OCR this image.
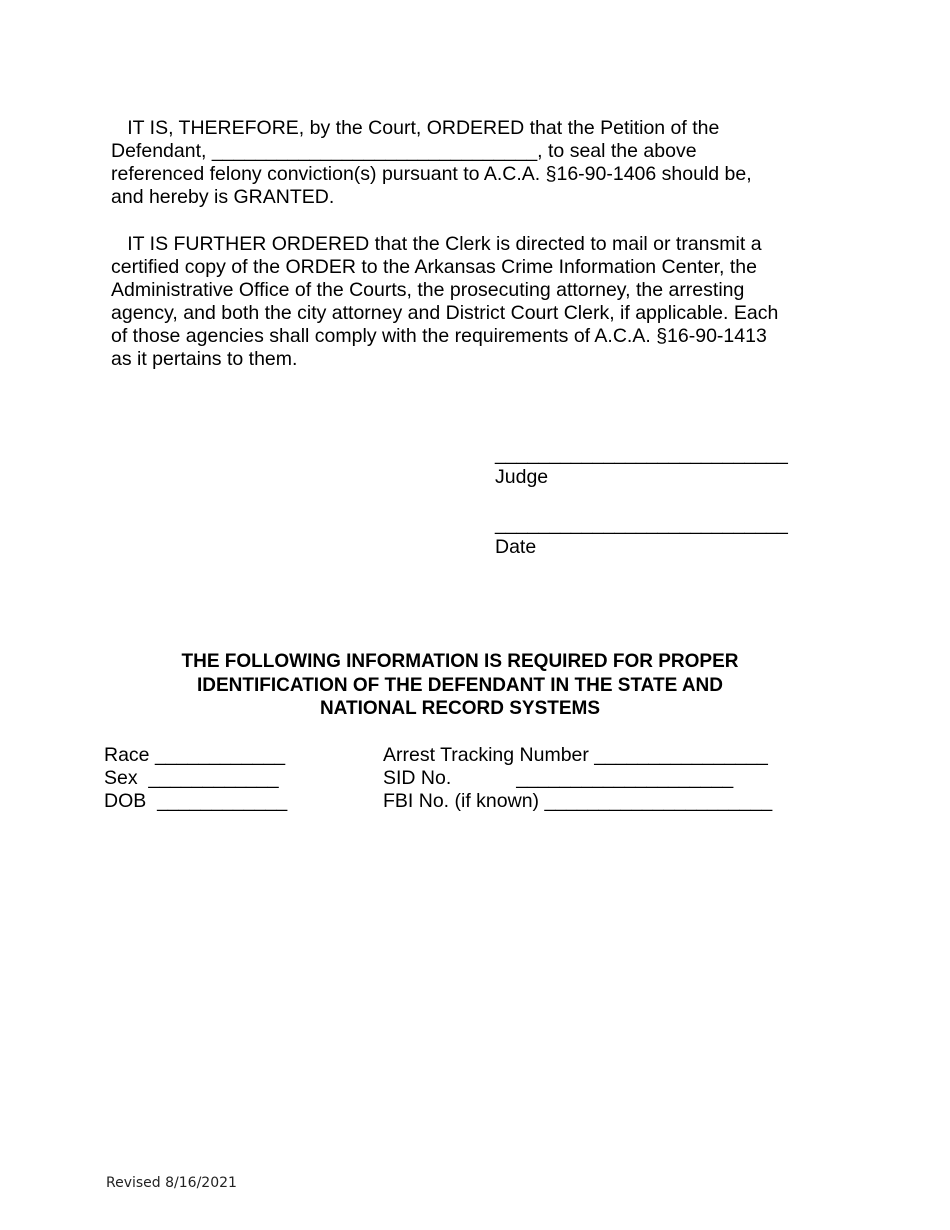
IT IS, THEREFORE, by the Court, ORDERED that the Petition of the
Defendant, ______________________________, to seal the above
referenced felony conviction(s) pursuant to A.C.A. §16-90-1406 should be,
and hereby is GRANTED.
IT IS FURTHER ORDERED that the Clerk is directed to mail or transmit a
certified copy of the ORDER to the Arkansas Crime Information Center, the
Administrative Office of the Courts, the prosecuting attorney, the arresting
agency, and both the city attorney and District Court Clerk, if applicable. Each
of those agencies shall comply with the requirements of A.C.A. §16-90-1413
as it pertains to them.
___________________________
Judge
___________________________
Date
THE FOLLOWING INFORMATION IS REQUIRED FOR PROPER
IDENTIFICATION OF THE DEFENDANT IN THE STATE AND
NATIONAL RECORD SYSTEMS
Race ____________
Sex  ____________
DOB  ____________
Arrest Tracking Number ________________
SID No.            ____________________
FBI No. (if known) _____________________
Revised 8/16/2021
